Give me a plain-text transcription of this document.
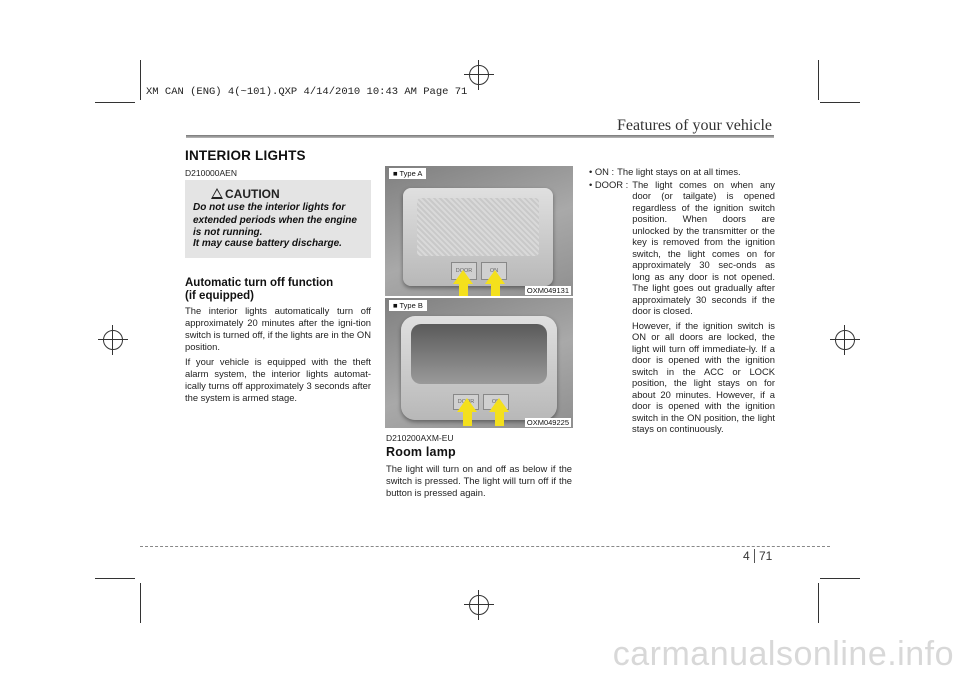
XM CAN (ENG) 4(~101).QXP 4/14/2010 10:43 AM Page 71
Features of your vehicle
INTERIOR LIGHTS
D210000AEN
CAUTION
Do not use the interior lights for extended periods when the engine is not running.
It may cause battery discharge.
Automatic turn off function (if equipped)

The interior lights automatically turn off approximately 20 minutes after the igni-tion switch is turned off, if the lights are in the ON position.

If your vehicle is equipped with the theft alarm system, the interior lights automat-ically turns off approximately 3 seconds after the system is armed stage.

■ Type A
DOOR	ON
OXM049131
■ Type B
DOOR	ON
OXM049225
D210200AXM-EU
Room lamp
The light will turn on and off as below if the switch is pressed. The light will turn off if the button is pressed again.
• ON : The light stays on at all times.
• DOOR : The light comes on when any door (or tailgate) is opened regardless of the ignition switch position. When doors are unlocked by the transmitter or the key is removed from the ignition switch, the light comes on for approximately 30 sec-onds as long as any door is not opened. The light goes out gradually after approximately 30 seconds if the door is closed.
However, if the ignition switch is ON or all doors are locked, the light will turn off immediate-ly. If a door is opened with the ignition switch in the ACC or LOCK position, the light stays on for about 20 minutes. However, if a door is opened with the ignition switch in the ON position, the light stays on continuously.
4 71
carmanualsonline.info
